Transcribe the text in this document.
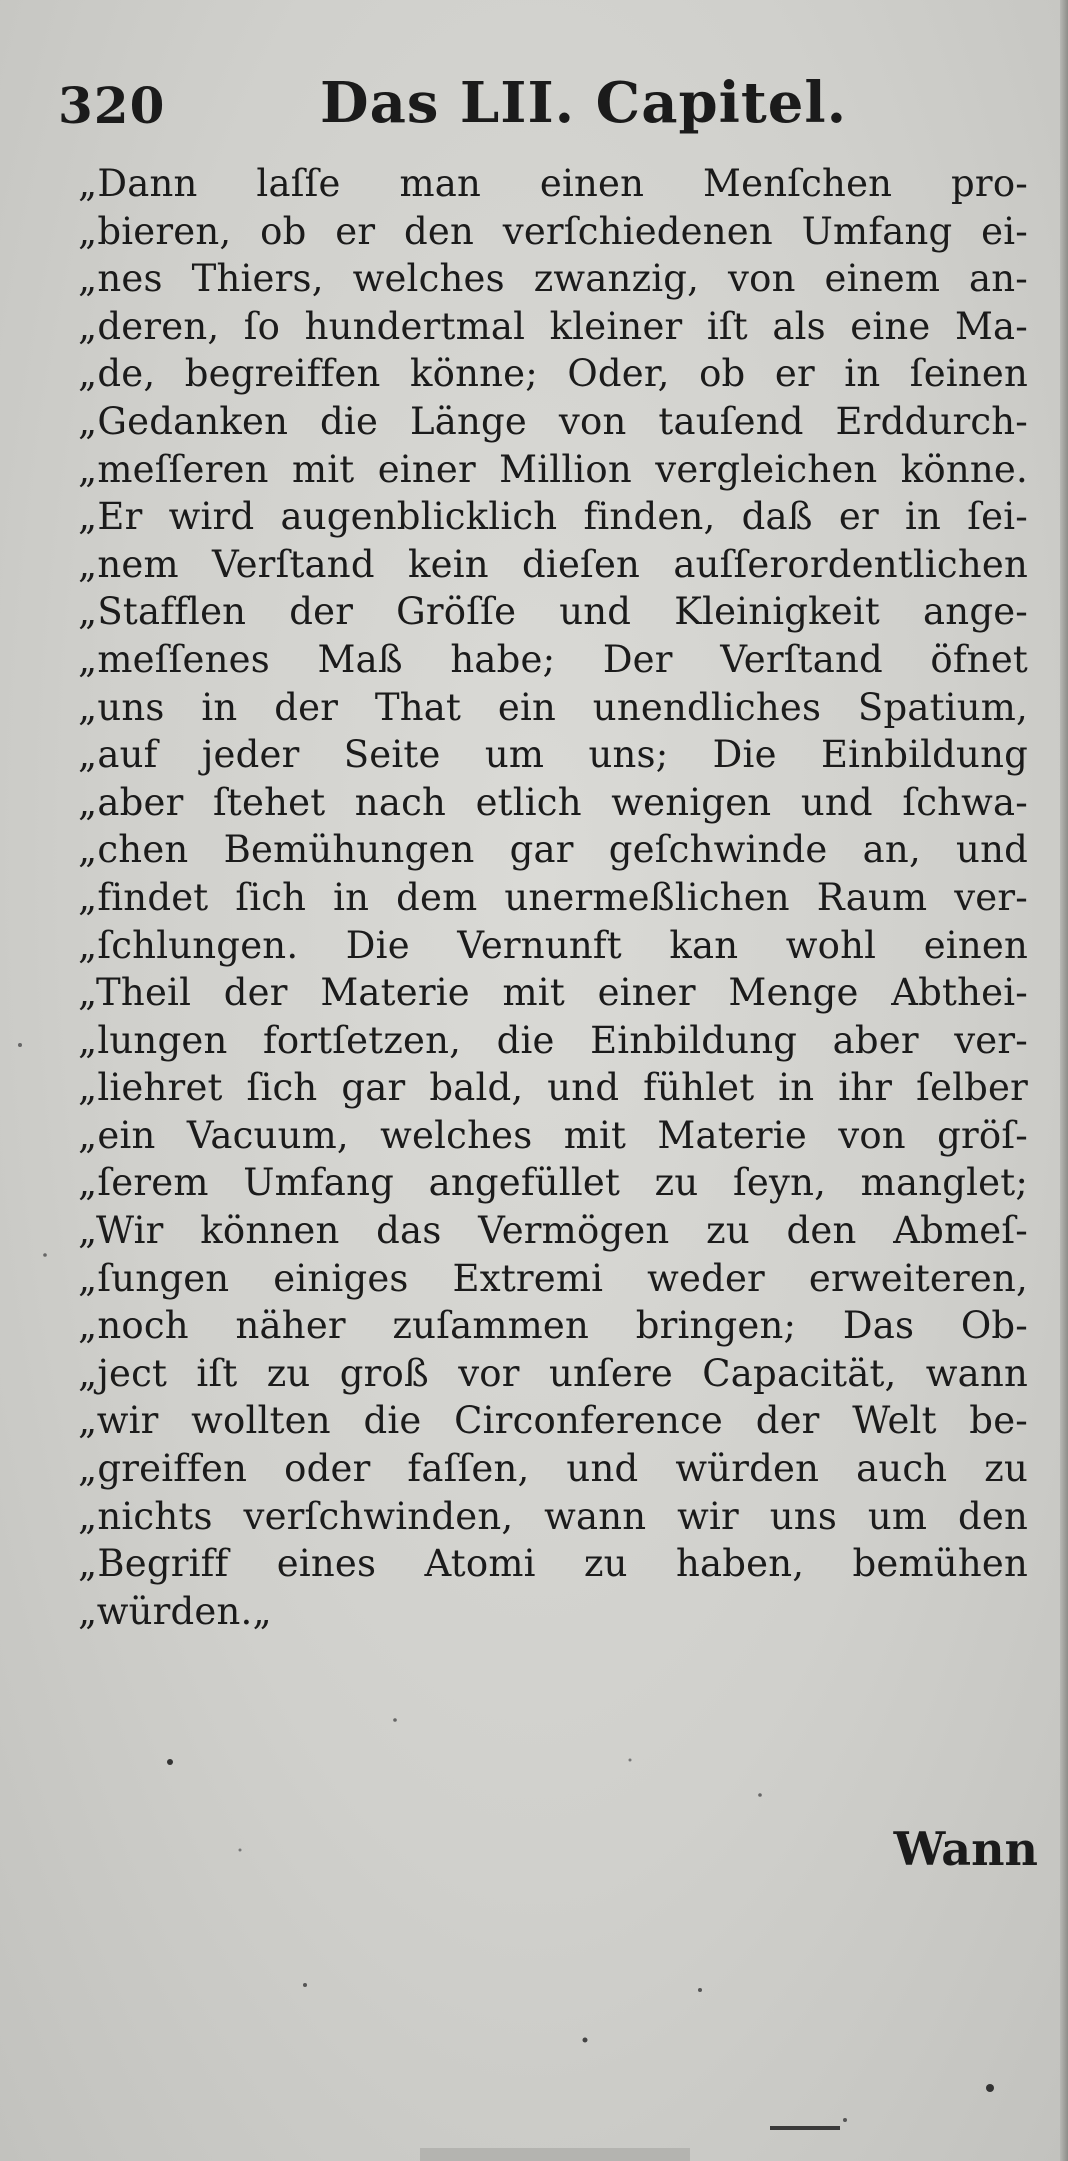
320	Das LII. Capitel.
„Dann laſſe man einen Menſchen pro-
„bieren, ob er den verſchiedenen Umfang ei-
„nes Thiers, welches zwanzig, von einem an-
„deren, ſo hundertmal kleiner iſt als eine Ma-
„de, begreiffen könne; Oder, ob er in ſeinen
„Gedanken die Länge von tauſend Erddurch-
„meſſeren mit einer Million vergleichen könne.
„Er wird augenblicklich finden, daß er in ſei-
„nem Verſtand kein dieſen auſſerordentlichen
„Stafflen der Gröſſe und Kleinigkeit ange-
„meſſenes Maß habe; Der Verſtand öfnet
„uns in der That ein unendliches Spatium,
„auf jeder Seite um uns; Die Einbildung
„aber ſtehet nach etlich wenigen und ſchwa-
„chen Bemühungen gar geſchwinde an, und
„findet ſich in dem unermeßlichen Raum ver-
„ſchlungen. Die Vernunft kan wohl einen
„Theil der Materie mit einer Menge Abthei-
„lungen fortſetzen, die Einbildung aber ver-
„liehret ſich gar bald, und fühlet in ihr ſelber
„ein Vacuum, welches mit Materie von gröſ-
„ſerem Umfang angefüllet zu ſeyn, manglet;
„Wir können das Vermögen zu den Abmeſ-
„ſungen einiges Extremi weder erweiteren,
„noch näher zuſammen bringen; Das Ob-
„ject iſt zu groß vor unſere Capacität, wann
„wir wollten die Circonference der Welt be-
„greiffen oder faſſen, und würden auch zu
„nichts verſchwinden, wann wir uns um den
„Begriff eines Atomi zu haben, bemühen
„würden.„
Wann
